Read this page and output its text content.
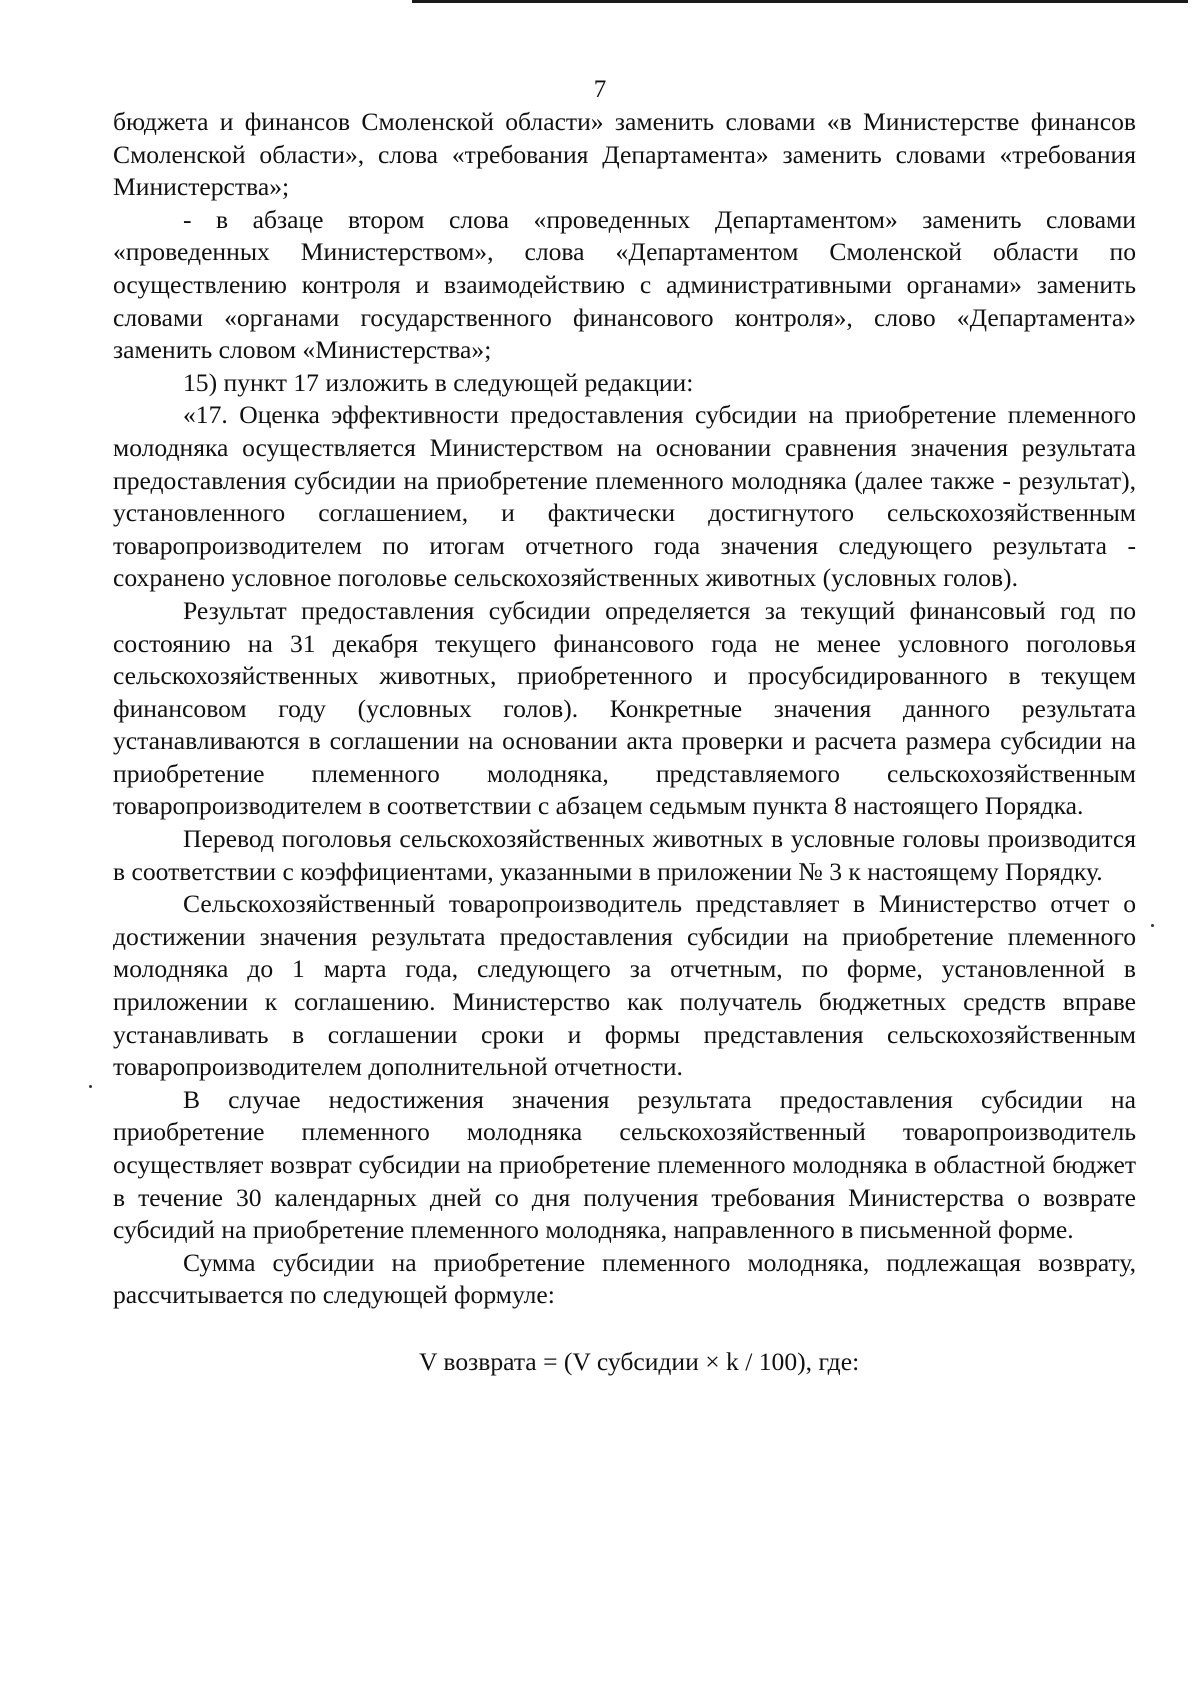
7

бюджета и финансов Смоленской области» заменить словами «в Министерстве финансов Смоленской области», слова «требования Департамента» заменить словами «требования Министерства»;

- в абзаце втором слова «проведенных Департаментом» заменить словами «проведенных Министерством», слова «Департаментом Смоленской области по осуществлению контроля и взаимодействию с административными органами» заменить словами «органами государственного финансового контроля», слово «Департамента» заменить словом «Министерства»;

15) пункт 17 изложить в следующей редакции:

«17. Оценка эффективности предоставления субсидии на приобретение племенного молодняка осуществляется Министерством на основании сравнения значения результата предоставления субсидии на приобретение племенного молодняка (далее также - результат), установленного соглашением, и фактически достигнутого сельскохозяйственным товаропроизводителем по итогам отчетного года значения следующего результата - сохранено условное поголовье сельскохозяйственных животных (условных голов).

Результат предоставления субсидии определяется за текущий финансовый год по состоянию на 31 декабря текущего финансового года не менее условного поголовья сельскохозяйственных животных, приобретенного и просубсидированного в текущем финансовом году (условных голов). Конкретные значения данного результата устанавливаются в соглашении на основании акта проверки и расчета размера субсидии на приобретение племенного молодняка, представляемого сельскохозяйственным товаропроизводителем в соответствии с абзацем седьмым пункта 8 настоящего Порядка.

Перевод поголовья сельскохозяйственных животных в условные головы производится в соответствии с коэффициентами, указанными в приложении № 3 к настоящему Порядку.

Сельскохозяйственный товаропроизводитель представляет в Министерство отчет о достижении значения результата предоставления субсидии на приобретение племенного молодняка до 1 марта года, следующего за отчетным, по форме, установленной в приложении к соглашению. Министерство как получатель бюджетных средств вправе устанавливать в соглашении сроки и формы представления сельскохозяйственным товаропроизводителем дополнительной отчетности.

В случае недостижения значения результата предоставления субсидии на приобретение племенного молодняка сельскохозяйственный товаропроизводитель осуществляет возврат субсидии на приобретение племенного молодняка в областной бюджет в течение 30 календарных дней со дня получения требования Министерства о возврате субсидий на приобретение племенного молодняка, направленного в письменной форме.

Сумма субсидии на приобретение племенного молодняка, подлежащая возврату, рассчитывается по следующей формуле:

V возврата = (V субсидии × k / 100), где:
